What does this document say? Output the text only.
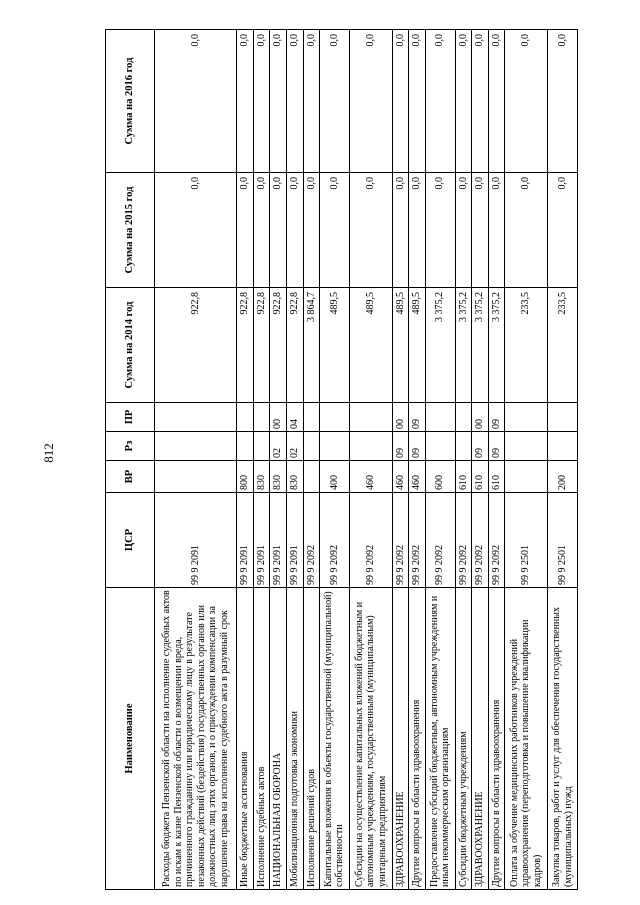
812
Наименование	ЦСР	ВР	Рз	ПР	Сумма на 2014 год	Сумма на 2015 год	Сумма на 2016 год
Расходы бюджета Пензенской области на исполнение судебных актов по искам к казне Пензенской области о возмещении вреда, причиненного гражданину или юридическому лицу в результате незаконных действий (бездействия) государственных органов или должностных лиц этих органов, и о присуждении компенсации за нарушение права на исполнение судебного акта в разумный срок	99 9 2091				922,8	0,0	0,0
Иные бюджетные ассигнования	99 9 2091	800			922,8	0,0	0,0
Исполнение судебных актов	99 9 2091	830			922,8	0,0	0,0
НАЦИОНАЛЬНАЯ ОБОРОНА	99 9 2091	830	02	00	922,8	0,0	0,0
Мобилизационная подготовка экономики	99 9 2091	830	02	04	922,8	0,0	0,0
Исполнение решений судов	99 9 2092				3 864,7	0,0	0,0
Капитальные вложения в объекты государственной (муниципальной) собственности	99 9 2092	400			489,5	0,0	0,0
Субсидии на осуществление капитальных вложений бюджетным и автономным учреждениям, государственным (муниципальным) унитарным предприятиям	99 9 2092	460			489,5	0,0	0,0
ЗДРАВООХРАНЕНИЕ	99 9 2092	460	09	00	489,5	0,0	0,0
Другие вопросы в области здравоохранения	99 9 2092	460	09	09	489,5	0,0	0,0
Предоставление субсидий бюджетным, автономным учреждениям и иным некоммерческим организациям	99 9 2092	600			3 375,2	0,0	0,0
Субсидии бюджетным учреждениям	99 9 2092	610			3 375,2	0,0	0,0
ЗДРАВООХРАНЕНИЕ	99 9 2092	610	09	00	3 375,2	0,0	0,0
Другие вопросы в области здравоохранения	99 9 2092	610	09	09	3 375,2	0,0	0,0
Оплата за обучение медицинских работников учреждений здравоохранения (переподготовка и повышение квалификации кадров)	99 9 2501				233,5	0,0	0,0
Закупка товаров, работ и услуг для обеспечения государственных (муниципальных) нужд	99 9 2501	200			233,5	0,0	0,0
